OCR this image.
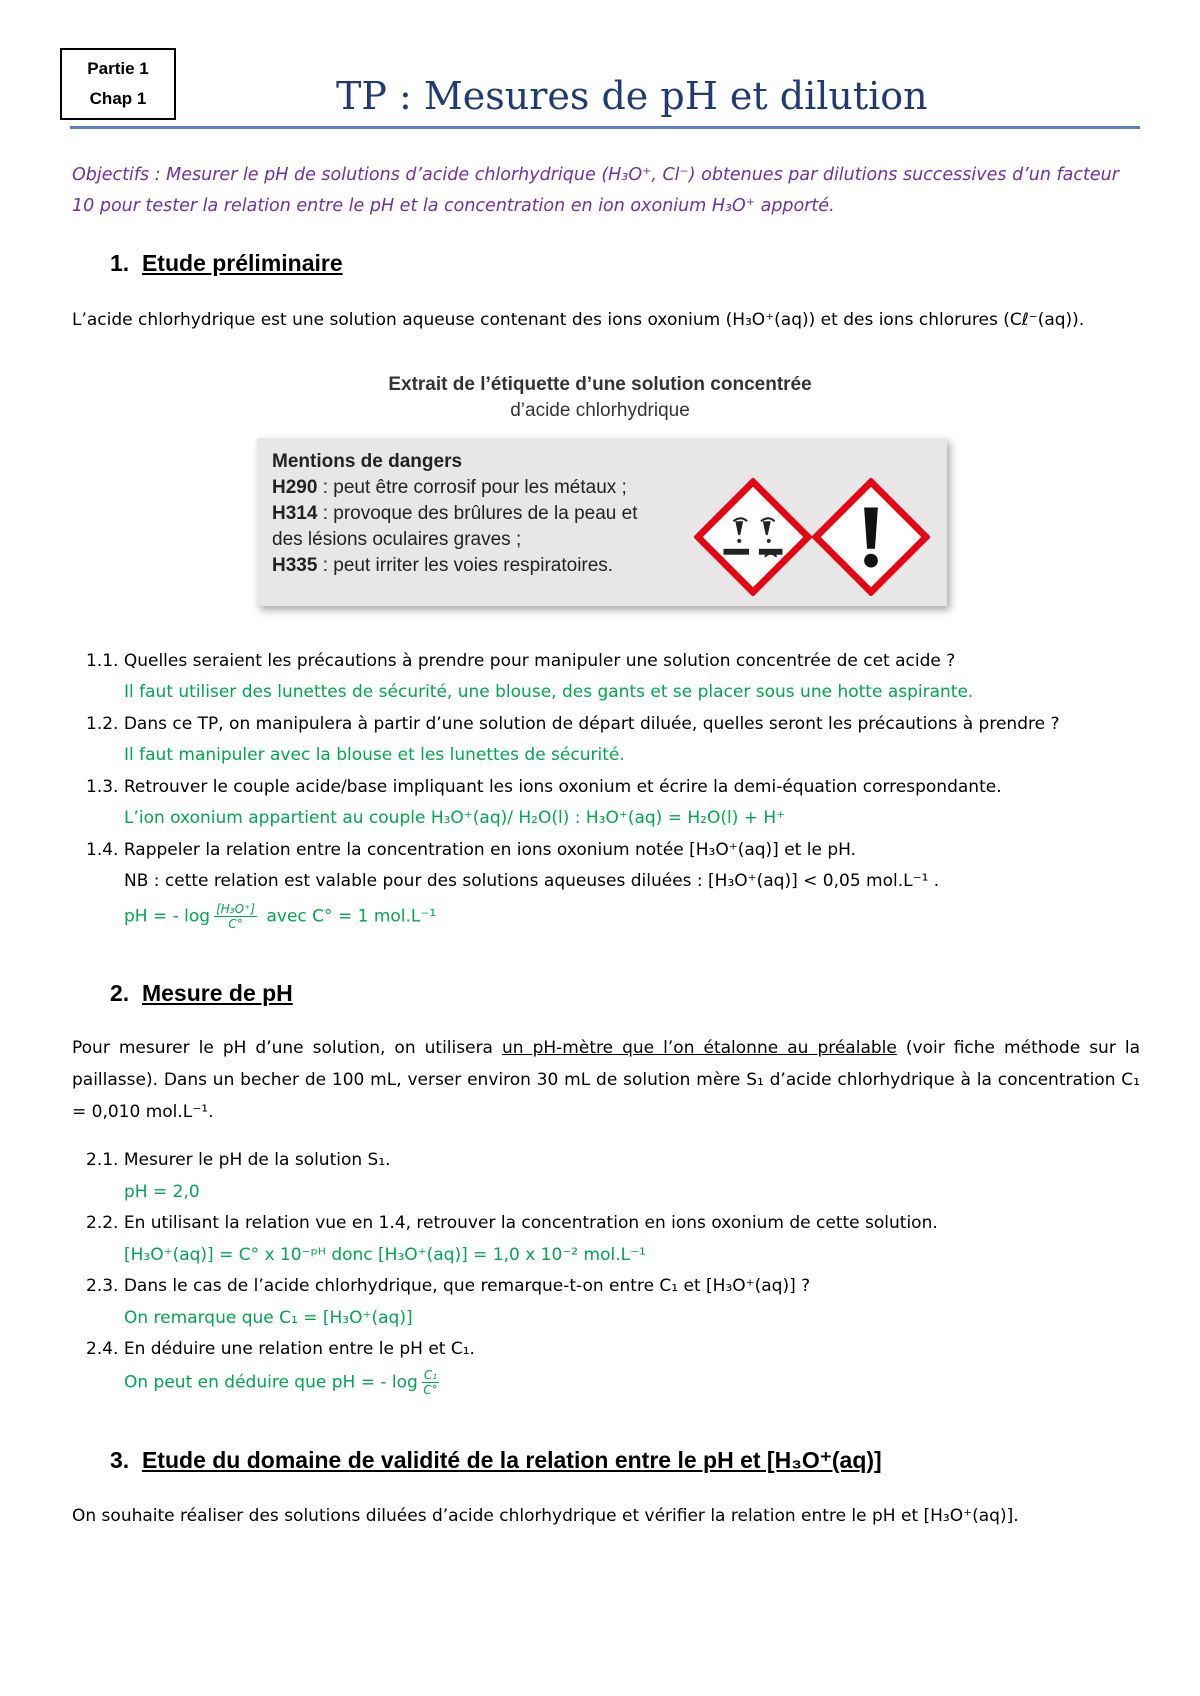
Partie 1
Chap 1	TP : Mesures de pH et dilution
Objectifs : Mesurer le pH de solutions d’acide chlorhydrique (H₃O⁺, Cl⁻) obtenues par dilutions successives d’un facteur
10 pour tester la relation entre le pH et la concentration en ion oxonium H₃O⁺ apporté.
1. Etude préliminaire
L’acide chlorhydrique est une solution aqueuse contenant des ions oxonium (H₃O⁺(aq)) et des ions chlorures (Cℓ⁻(aq)).
Extrait de l’étiquette d’une solution concentrée
d’acide chlorhydrique
Mentions de dangers
H290 : peut être corrosif pour les métaux ;
H314 : provoque des brûlures de la peau et
des lésions oculaires graves ;
H335 : peut irriter les voies respiratoires.
1.1. Quelles seraient les précautions à prendre pour manipuler une solution concentrée de cet acide ?
Il faut utiliser des lunettes de sécurité, une blouse, des gants et se placer sous une hotte aspirante.
1.2. Dans ce TP, on manipulera à partir d’une solution de départ diluée, quelles seront les précautions à prendre ?
Il faut manipuler avec la blouse et les lunettes de sécurité.
1.3. Retrouver le couple acide/base impliquant les ions oxonium et écrire la demi-équation correspondante.
L’ion oxonium appartient au couple H₃O⁺(aq)/ H₂O(l) : H₃O⁺(aq) = H₂O(l) + H⁺
1.4. Rappeler la relation entre la concentration en ions oxonium notée [H₃O⁺(aq)] et le pH.
NB : cette relation est valable pour des solutions aqueuses diluées : [H₃O⁺(aq)] < 0,05 mol.L⁻¹ .
pH = - $\log \frac{\text{[H₃O⁺]}}{C^\circ}$ avec C° = 1 mol.L⁻¹
2. Mesure de pH
Pour mesurer le pH d’une solution, on utilisera un pH-mètre que l’on étalonne au préalable (voir fiche méthode sur la paillasse). Dans un becher de 100 mL, verser environ 30 mL de solution mère S₁ d’acide chlorhydrique à la concentration C₁ = 0,010 mol.L⁻¹.
2.1. Mesurer le pH de la solution S₁.
pH = 2,0
2.2. En utilisant la relation vue en 1.4, retrouver la concentration en ions oxonium de cette solution.
[H₃O⁺(aq)] = C° x 10⁻ᵖᴴ donc [H₃O⁺(aq)] = 1,0 x 10⁻² mol.L⁻¹
2.3. Dans le cas de l’acide chlorhydrique, que remarque-t-on entre C₁ et [H₃O⁺(aq)] ?
On remarque que C₁ = [H₃O⁺(aq)]
2.4. En déduire une relation entre le pH et C₁.
On peut en déduire que pH = - $\log \frac{\text{C₁}}{C^\circ}$
3. Etude du domaine de validité de la relation entre le pH et [H₃O⁺(aq)]
On souhaite réaliser des solutions diluées d’acide chlorhydrique et vérifier la relation entre le pH et [H₃O⁺(aq)].
